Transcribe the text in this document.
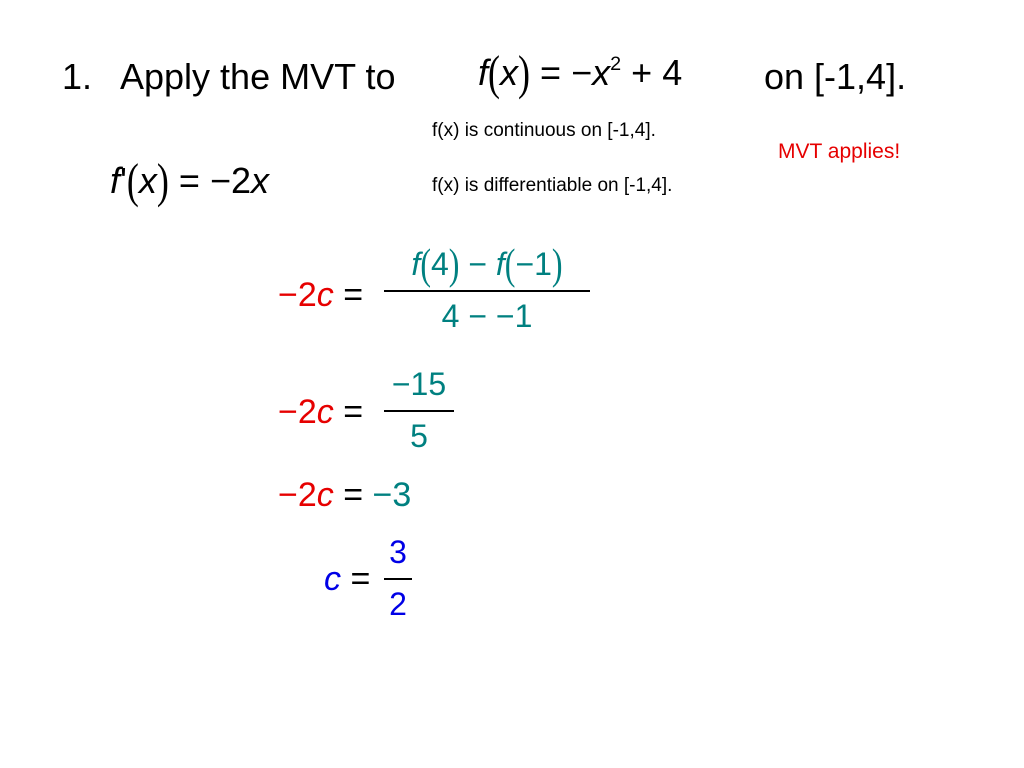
1. Apply the MVT to $f(x) = -x^2 + 4$ on [-1,4].
f(x) is continuous on [-1,4].
MVT applies!
f(x) is differentiable on [-1,4].
f'(x) = −2x
−2c =
f(4) − f(−1)
4 − −1
−2c =
−15
5
−2c = −3
c =
3
2
